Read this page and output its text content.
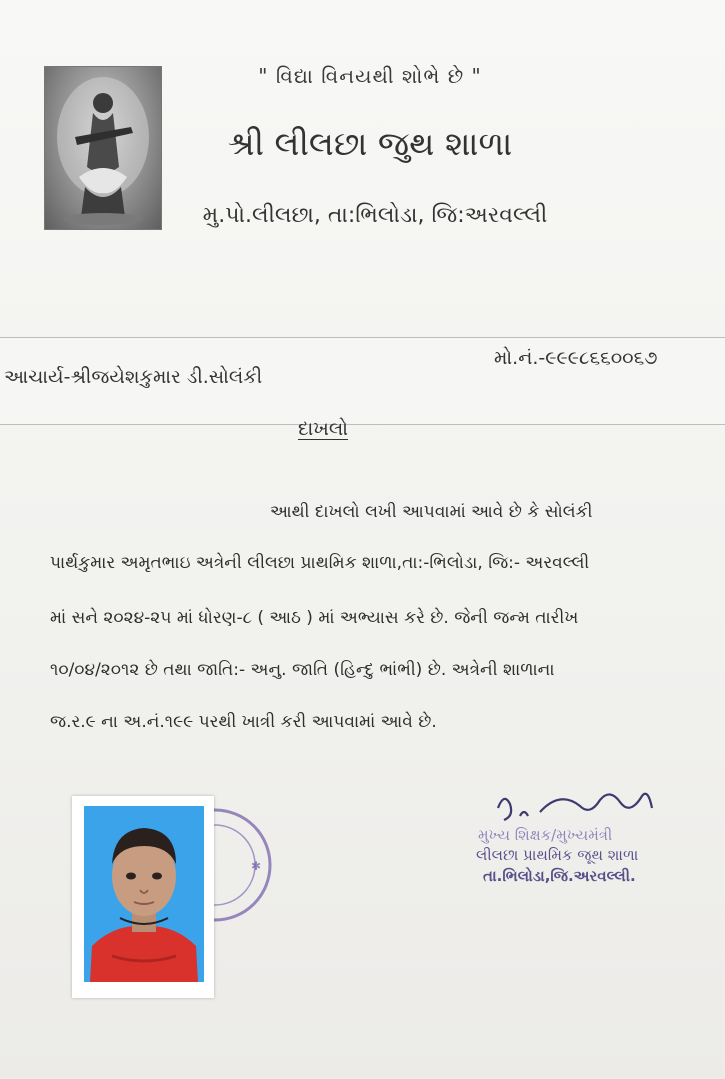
" વિદ્યા વિનયથી શોભે છે "
શ્રી લીલછા જુથ શાળા
મુ.પો.લીલછા, તા:ભિલોડા, જિ:અરવલ્લી
મો.નં.-૯૯૯૮૬૬૦૦૬૭
આચાર્ય-શ્રીજયેશકુમાર ડી.સોલંકી
દાખલો
આથી દાખલો લખી આપવામાં આવે છે કે સોલંકી
પાર્થકુમાર અમૃતભાઇ અત્રેની લીલછા પ્રાથમિક શાળા,તા:-ભિલોડા, જિ:- અરવલ્લી
માં સને ૨૦૨૪-૨૫ માં ધોરણ-૮ ( આઠ ) માં અભ્યાસ કરે છે. જેની જન્મ તારીખ
૧૦/૦૪/૨૦૧૨ છે તથા જાતિ:- અનુ. જાતિ (હિન્દુ ભાંભી) છે. અત્રેની શાળાના
જ.ર.૯ ના અ.નં.૧૯૯ પરથી ખાત્રી કરી આપવામાં આવે છે.
✱
મુખ્ય શિક્ષક/મુખ્યમંત્રી
લીલછા પ્રાથમિક જૂથ શાળા
તા.ભિલોડા,જિ.અરવલ્લી.
